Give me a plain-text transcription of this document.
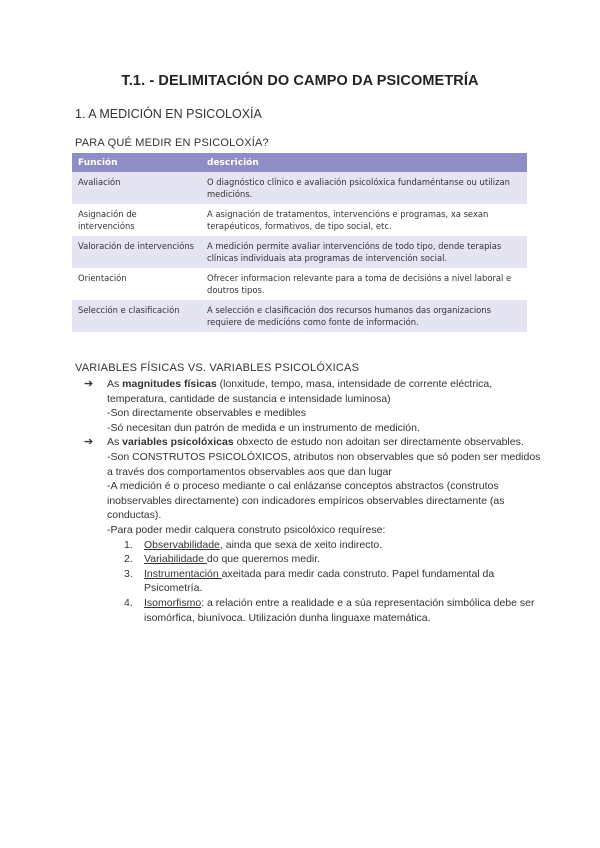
T.1. - DELIMITACIÓN DO CAMPO DA PSICOMETRÍA
1. A MEDICIÓN EN PSICOLOXÍA
PARA QUÉ MEDIR EN PSICOLOXÍA?
Función	descrición
Avaliación	O diagnóstico clínico e avaliación psicolóxica fundaméntanse ou utilizan medicións.
Asignación de intervencións	A asignación de tratamentos, intervencións e programas, xa sexan terapéuticos, formativos, de tipo social, etc.
Valoración de intervencións	A medición permite avaliar intervencións de todo tipo, dende terapias clínicas individuais ata programas de intervención social.
Orientación	Ofrecer informacion relevante para a toma de decisións a nivel laboral e doutros tipos.
Selección e clasificación	A selección e clasificación dos recursos humanos das organizacions requiere de medicións como fonte de información.
VARIABLES FÍSICAS VS. VARIABLES PSICOLÓXICAS

➔ As magnitudes físicas (lonxitude, tempo, masa, intensidade de corrente eléctrica, temperatura, cantidade de sustancia e intensidade luminosa)

-Son directamente observables e medibles

-Só necesitan dun patrón de medida e un instrumento de medición.

➔ As variables psicolóxicas obxecto de estudo non adoitan ser directamente observables.

-Son CONSTRUTOS PSICOLÓXICOS, atributos non observables que só poden ser medidos a través dos comportamentos observables aos que dan lugar

-A medición é o proceso mediante o cal enlázanse conceptos abstractos (construtos inobservables directamente) con indicadores empíricos observables directamente (as conductas).

-Para poder medir calquera construto psicolóxico requírese:

1. Observabilidade, ainda que sexa de xeito indirecto.
2. Variabilidade do que queremos medir.
3. Instrumentación axeitada para medir cada construto. Papel fundamental da Psicometría.
4. Isomorfismo: a relación entre a realidade e a súa representación simbólica debe ser isomórfica, biunívoca. Utilización dunha linguaxe matemática.
